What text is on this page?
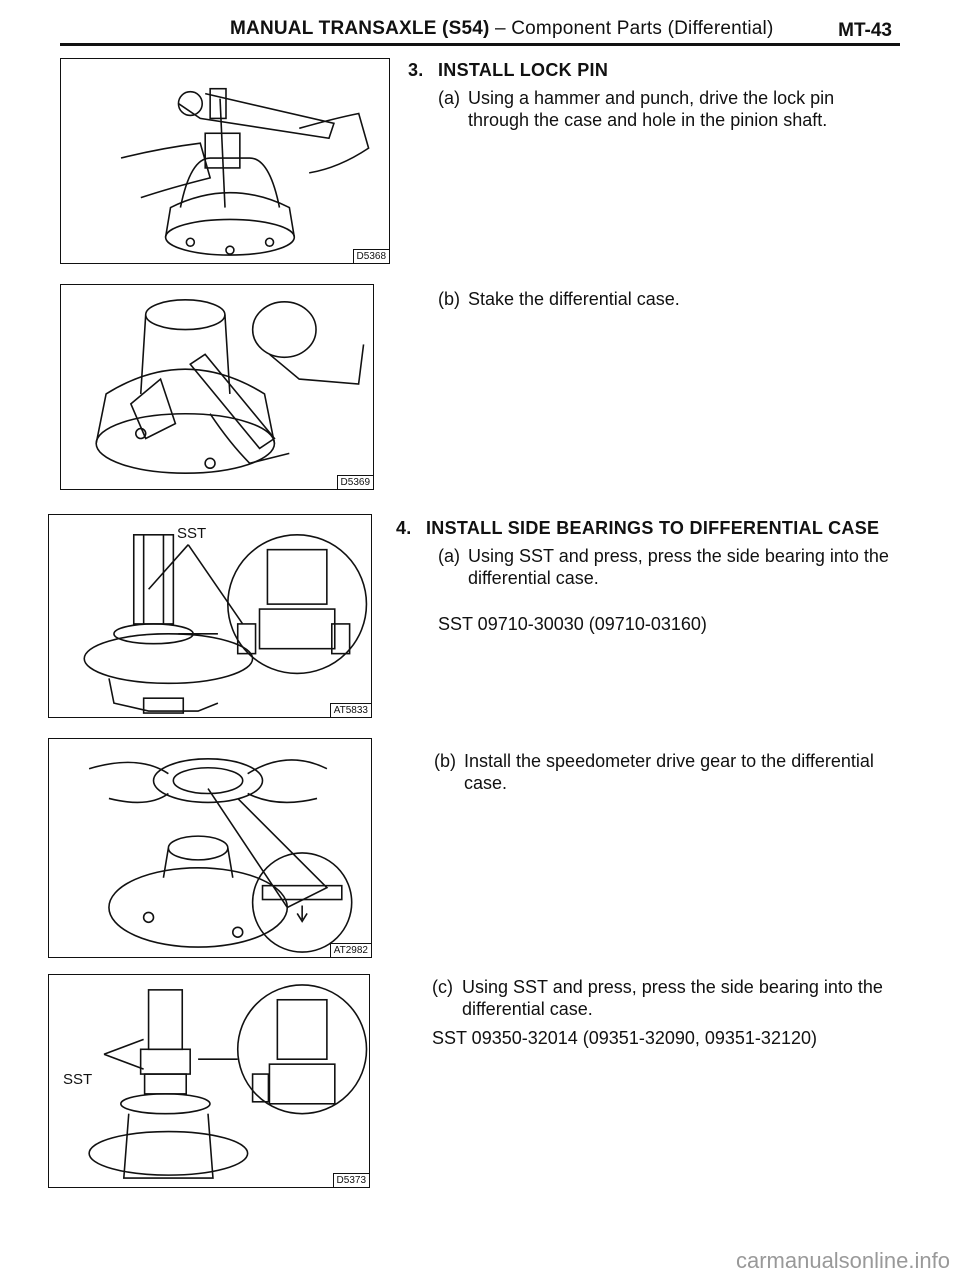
MANUAL TRANSAXLE (S54) – Component Parts (Differential)	MT-43
D5368
D5369
SST
AT5833
AT2982
SST
D5373
3. INSTALL LOCK PIN
(a) Using a hammer and punch, drive the lock pin through the case and hole in the pinion shaft.
(b) Stake the differential case.
4. INSTALL SIDE BEARINGS TO DIFFERENTIAL CASE
(a) Using SST and press, press the side bearing into the differential case.
SST 09710-30030 (09710-03160)
(b) Install the speedometer drive gear to the differential case.
(c) Using SST and press, press the side bearing into the differential case.
SST 09350-32014 (09351-32090, 09351-32120)
carmanualsonline.info
